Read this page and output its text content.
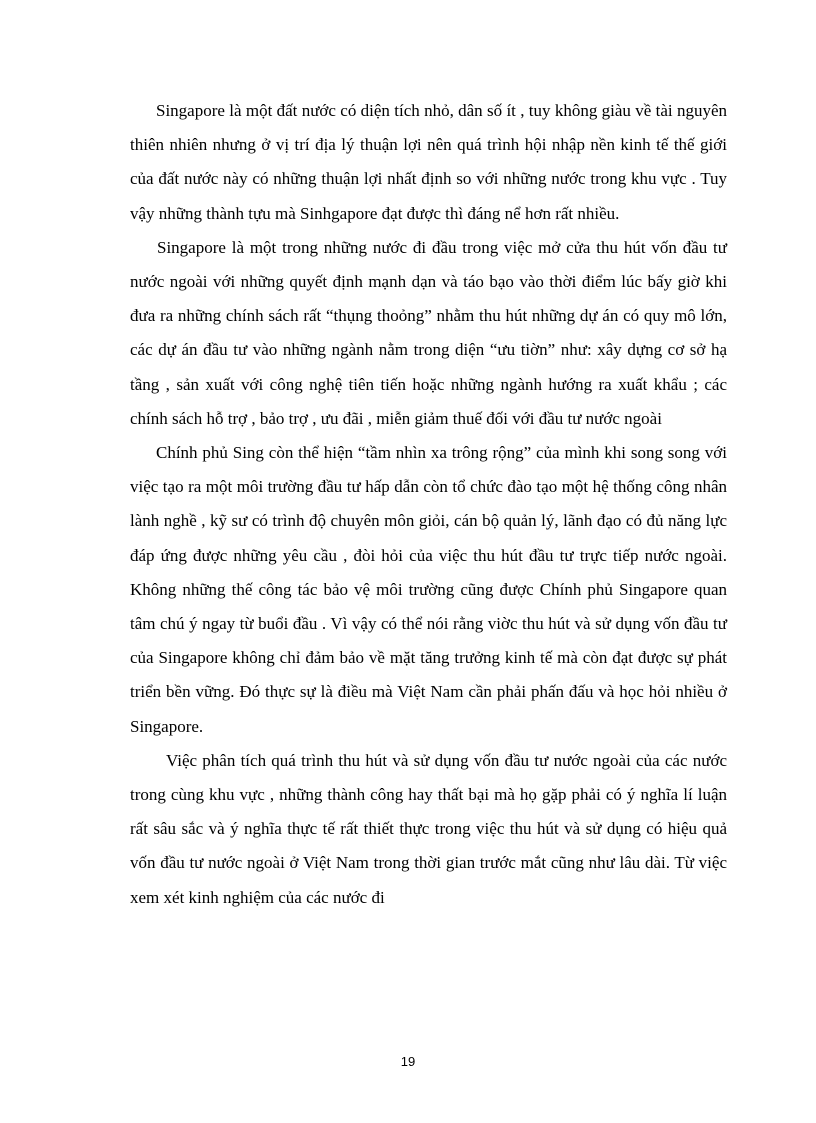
Singapore là một đất nước có diện tích nhỏ, dân số ít , tuy không giàu về tài nguyên thiên nhiên nhưng ở vị trí địa lý thuận lợi nên quá trình hội nhập nền kinh tế thế giới của đất nước này có những thuận lợi nhất định so với những nước trong khu vực . Tuy vậy những thành tựu mà Sinhgapore đạt được thì đáng nể hơn rất nhiều.

Singapore là một trong những nước đi đầu trong việc mở cửa thu hút vốn đầu tư nước ngoài với những quyết định mạnh dạn và táo bạo vào thời điểm lúc bấy giờ khi đưa ra những chính sách rất “thụng thoỏng” nhằm thu hút những dự án có quy mô lớn, các dự án đầu tư vào những ngành nằm trong diện “ưu tiờn” như: xây dựng cơ sở hạ tầng , sản xuất với công nghệ tiên tiến hoặc những ngành hướng ra xuất khẩu ; các chính sách hỗ trợ , bảo trợ , ưu đãi , miễn giảm thuế đối với đầu tư nước ngoài

Chính phủ Sing còn thể hiện “tầm nhìn xa trông rộng” của mình khi song song với việc tạo ra một môi trường đầu tư hấp dẫn còn tổ chức đào tạo một hệ thống công nhân lành nghề , kỹ sư có trình độ chuyên môn giỏi, cán bộ quản lý, lãnh đạo có đủ năng lực đáp ứng được những yêu cầu , đòi hỏi của việc thu hút đầu tư trực tiếp nước ngoài. Không những thế công tác bảo vệ môi trường cũng được Chính phủ Singapore quan tâm chú ý ngay từ buổi đầu . Vì vậy có thể nói rằng viờc thu hút và sử dụng vốn đầu tư của Singapore không chỉ đảm bảo về mặt tăng trưởng kinh tế mà còn đạt được sự phát triển bền vững. Đó thực sự là điều mà Việt Nam cần phải phấn đấu và học hỏi nhiều ở Singapore.

Việc phân tích quá trình thu hút và sử dụng vốn đầu tư nước ngoài của các nước trong cùng khu vực , những thành công hay thất bại mà họ gặp phải có ý nghĩa lí luận rất sâu sắc và ý nghĩa thực tế rất thiết thực trong việc thu hút và sử dụng có hiệu quả vốn đầu tư nước ngoài ở Việt Nam trong thời gian trước mắt cũng như lâu dài. Từ việc xem xét kinh nghiệm của các nước đi

19
